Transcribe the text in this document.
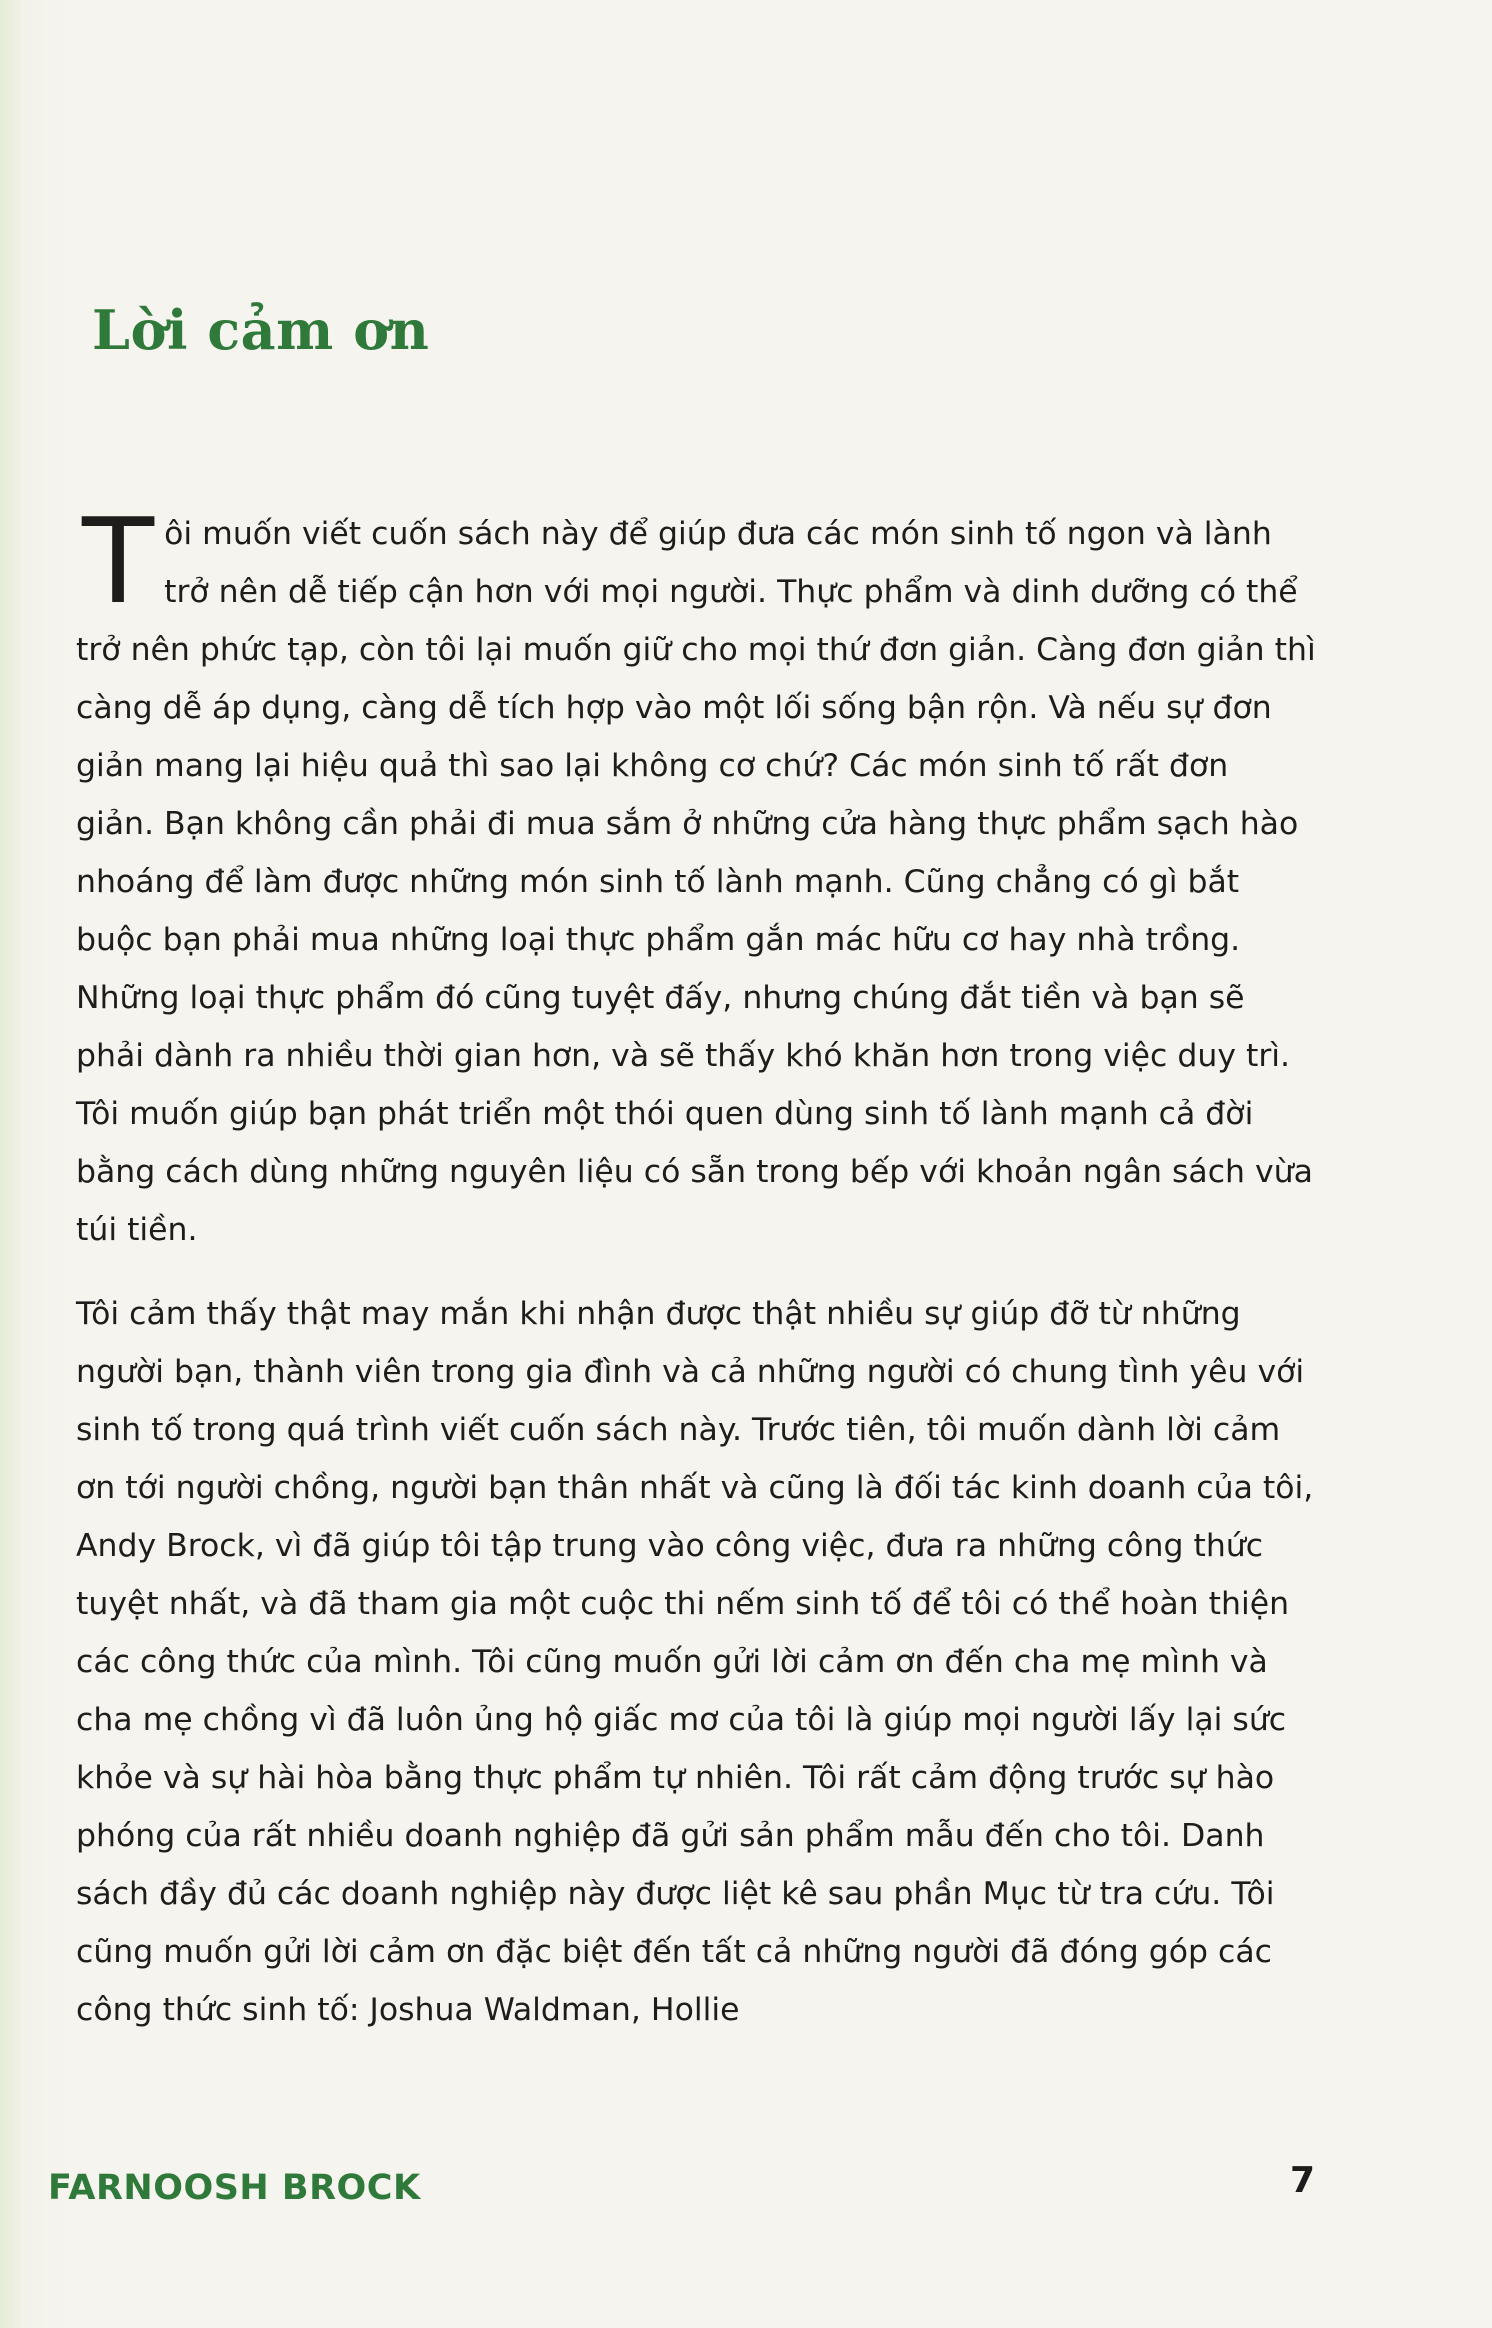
Lời cảm ơn

Tôi muốn viết cuốn sách này để giúp đưa các món sinh tố ngon và lành trở nên dễ tiếp cận hơn với mọi người. Thực phẩm và dinh dưỡng có thể trở nên phức tạp, còn tôi lại muốn giữ cho mọi thứ đơn giản. Càng đơn giản thì càng dễ áp dụng, càng dễ tích hợp vào một lối sống bận rộn. Và nếu sự đơn giản mang lại hiệu quả thì sao lại không cơ chứ? Các món sinh tố rất đơn giản. Bạn không cần phải đi mua sắm ở những cửa hàng thực phẩm sạch hào nhoáng để làm được những món sinh tố lành mạnh. Cũng chẳng có gì bắt buộc bạn phải mua những loại thực phẩm gắn mác hữu cơ hay nhà trồng. Những loại thực phẩm đó cũng tuyệt đấy, nhưng chúng đắt tiền và bạn sẽ phải dành ra nhiều thời gian hơn, và sẽ thấy khó khăn hơn trong việc duy trì. Tôi muốn giúp bạn phát triển một thói quen dùng sinh tố lành mạnh cả đời bằng cách dùng những nguyên liệu có sẵn trong bếp với khoản ngân sách vừa túi tiền.

Tôi cảm thấy thật may mắn khi nhận được thật nhiều sự giúp đỡ từ những người bạn, thành viên trong gia đình và cả những người có chung tình yêu với sinh tố trong quá trình viết cuốn sách này. Trước tiên, tôi muốn dành lời cảm ơn tới người chồng, người bạn thân nhất và cũng là đối tác kinh doanh của tôi, Andy Brock, vì đã giúp tôi tập trung vào công việc, đưa ra những công thức tuyệt nhất, và đã tham gia một cuộc thi nếm sinh tố để tôi có thể hoàn thiện các công thức của mình. Tôi cũng muốn gửi lời cảm ơn đến cha mẹ mình và cha mẹ chồng vì đã luôn ủng hộ giấc mơ của tôi là giúp mọi người lấy lại sức khỏe và sự hài hòa bằng thực phẩm tự nhiên. Tôi rất cảm động trước sự hào phóng của rất nhiều doanh nghiệp đã gửi sản phẩm mẫu đến cho tôi. Danh sách đầy đủ các doanh nghiệp này được liệt kê sau phần Mục từ tra cứu. Tôi cũng muốn gửi lời cảm ơn đặc biệt đến tất cả những người đã đóng góp các công thức sinh tố: Joshua Waldman, Hollie

FARNOOSH BROCK	7
